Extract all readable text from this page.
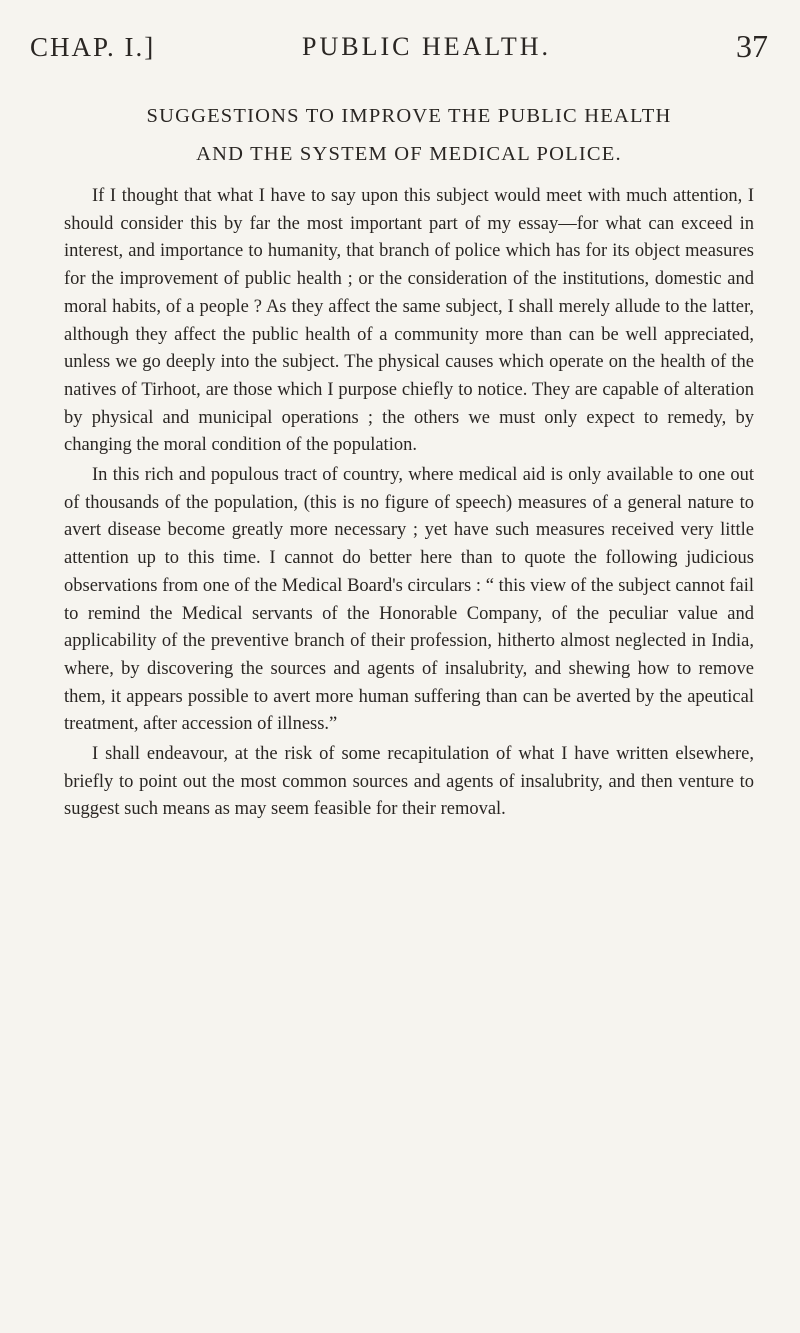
CHAP. I.]	PUBLIC HEALTH.	37
SUGGESTIONS TO IMPROVE THE PUBLIC HEALTH
AND THE SYSTEM OF MEDICAL POLICE.

If I thought that what I have to say upon this subject would meet with much attention, I should consider this by far the most important part of my essay—for what can exceed in interest, and importance to humanity, that branch of police which has for its object measures for the improvement of public health ; or the consideration of the institutions, domestic and moral habits, of a people ? As they affect the same subject, I shall merely allude to the latter, although they affect the public health of a community more than can be well appreciated, unless we go deeply into the subject. The physical causes which operate on the health of the natives of Tirhoot, are those which I purpose chiefly to notice. They are capable of alteration by physical and municipal operations ; the others we must only expect to remedy, by changing the moral condition of the population.

In this rich and populous tract of country, where medical aid is only available to one out of thousands of the population, (this is no figure of speech) measures of a general nature to avert disease become greatly more necessary ; yet have such measures received very little attention up to this time. I cannot do better here than to quote the following judicious observations from one of the Medical Board's circulars : “ this view of the subject cannot fail to remind the Medical servants of the Honorable Company, of the peculiar value and applicability of the preventive branch of their profession, hitherto almost neglected in India, where, by discovering the sources and agents of insalubrity, and shewing how to remove them, it appears possible to avert more human suffering than can be averted by the apeutical treatment, after accession of illness.”

I shall endeavour, at the risk of some recapitulation of what I have written elsewhere, briefly to point out the most common sources and agents of insalubrity, and then venture to suggest such means as may seem feasible for their removal.
